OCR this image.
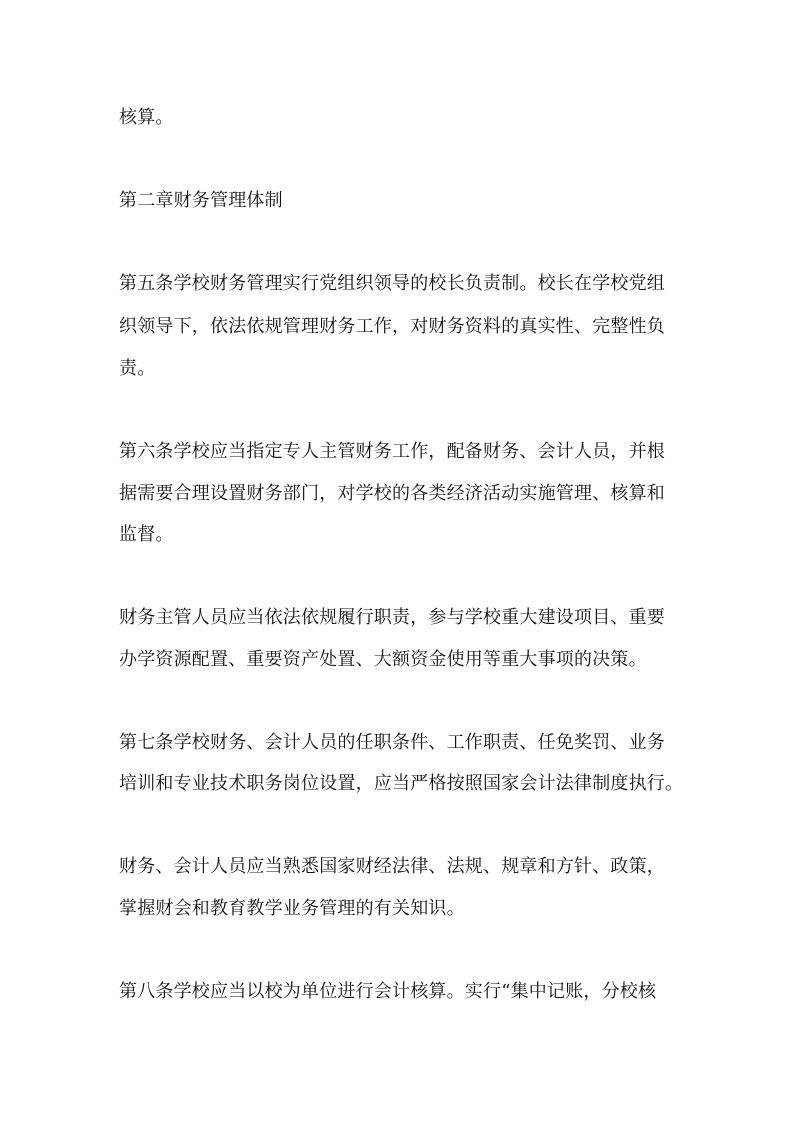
核算。
第二章财务管理体制
第五条学校财务管理实行党组织领导的校长负责制。校长在学校党组
织领导下，依法依规管理财务工作，对财务资料的真实性、完整性负
责。
第六条学校应当指定专人主管财务工作，配备财务、会计人员，并根
据需要合理设置财务部门，对学校的各类经济活动实施管理、核算和
监督。
财务主管人员应当依法依规履行职责，参与学校重大建设项目、重要
办学资源配置、重要资产处置、大额资金使用等重大事项的决策。
第七条学校财务、会计人员的任职条件、工作职责、任免奖罚、业务
培训和专业技术职务岗位设置，应当严格按照国家会计法律制度执行。
财务、会计人员应当熟悉国家财经法律、法规、规章和方针、政策，
掌握财会和教育教学业务管理的有关知识。
第八条学校应当以校为单位进行会计核算。实行“集中记账，分校核
